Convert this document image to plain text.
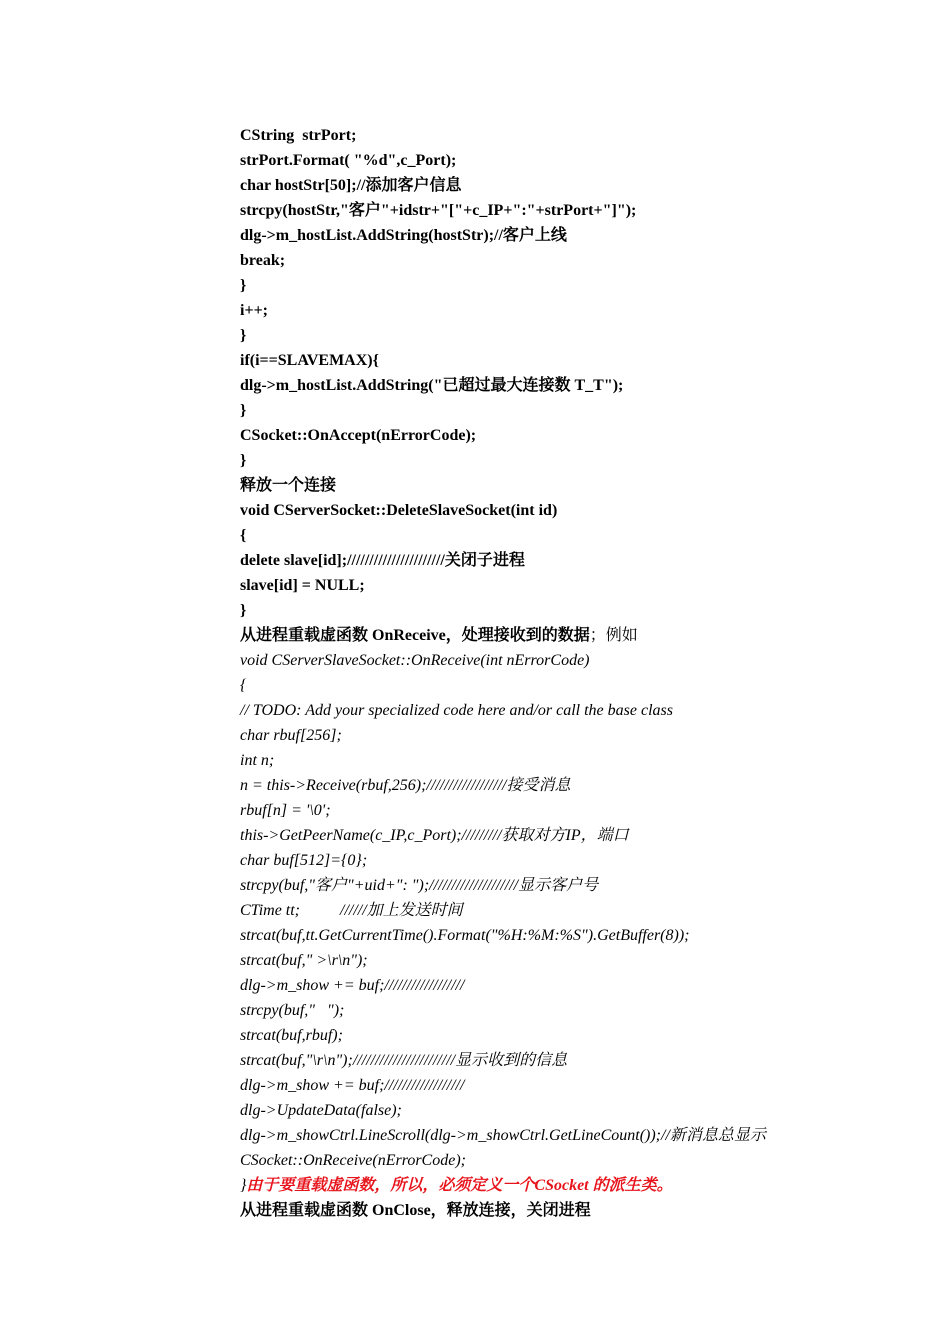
CString  strPort;
strPort.Format( "%d",c_Port);
char hostStr[50];//添加客户信息
strcpy(hostStr,"客户"+idstr+"["+c_IP+":"+strPort+"]");
dlg->m_hostList.AddString(hostStr);//客户上线
break;
}
i++;
}
if(i==SLAVEMAX){
dlg->m_hostList.AddString("已超过最大连接数 T_T");
}
CSocket::OnAccept(nErrorCode);
}
释放一个连接
void CServerSocket::DeleteSlaveSocket(int id)
{
delete slave[id];//////////////////////关闭子进程
slave[id] = NULL;
}
从进程重载虚函数 OnReceive，处理接收到的数据；例如
void CServerSlaveSocket::OnReceive(int nErrorCode)
{
// TODO: Add your specialized code here and/or call the base class
char rbuf[256];
int n;
n = this->Receive(rbuf,256);//////////////////接受消息
rbuf[n] = '\0';
this->GetPeerName(c_IP,c_Port);/////////获取对方IP，端口
char buf[512]={0};
strcpy(buf,"客户"+uid+": ");////////////////////显示客户号
CTime tt;          //////加上发送时间
strcat(buf,tt.GetCurrentTime().Format("%H:%M:%S").GetBuffer(8));
strcat(buf," >\r\n");
dlg->m_show += buf;//////////////////
strcpy(buf,"   ");
strcat(buf,rbuf);
strcat(buf,"\r\n");///////////////////////显示收到的信息
dlg->m_show += buf;//////////////////
dlg->UpdateData(false);
dlg->m_showCtrl.LineScroll(dlg->m_showCtrl.GetLineCount());//新消息总显示
CSocket::OnReceive(nErrorCode);
}由于要重载虚函数，所以，必须定义一个CSocket 的派生类。
从进程重载虚函数 OnClose，释放连接，关闭进程
